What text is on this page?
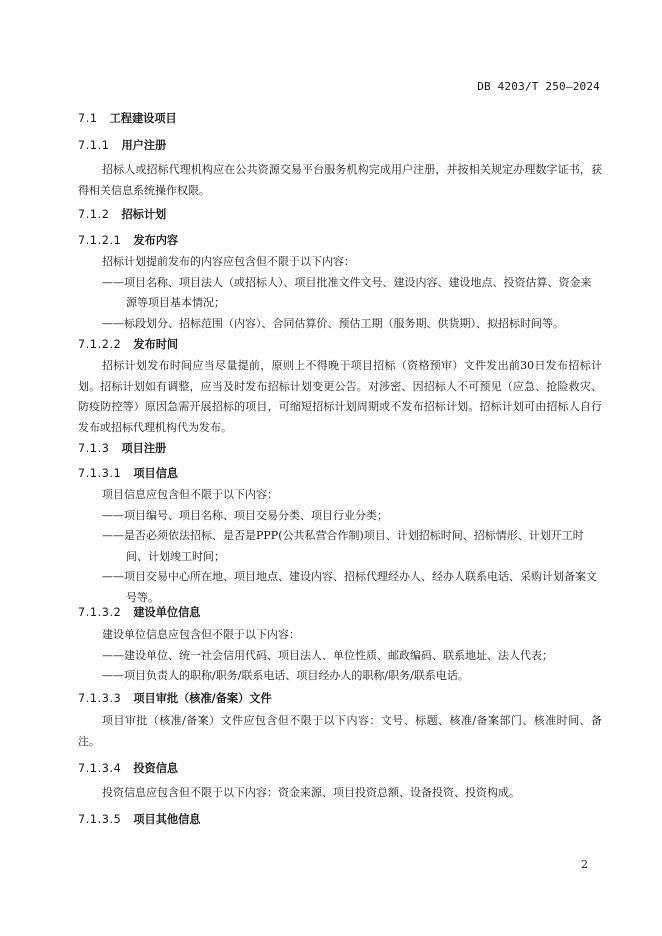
DB 4203/T 250—2024
7.1 工程建设项目
7.1.1 用户注册
招标人或招标代理机构应在公共资源交易平台服务机构完成用户注册，并按相关规定办理数字证书，获得相关信息系统操作权限。
7.1.2 招标计划
7.1.2.1 发布内容
招标计划提前发布的内容应包含但不限于以下内容：
——项目名称、项目法人（或招标人）、项目批准文件文号、建设内容、建设地点、投资估算、资金来源等项目基本情况；
——标段划分、招标范围（内容）、合同估算价、预估工期（服务期、供货期）、拟招标时间等。
7.1.2.2 发布时间
招标计划发布时间应当尽量提前，原则上不得晚于项目招标（资格预审）文件发出前30日发布招标计划。招标计划如有调整，应当及时发布招标计划变更公告。对涉密、因招标人不可预见（应急、抢险救灾、防疫防控等）原因急需开展招标的项目，可缩短招标计划周期或不发布招标计划。招标计划可由招标人自行发布或招标代理机构代为发布。
7.1.3 项目注册
7.1.3.1 项目信息
项目信息应包含但不限于以下内容：
——项目编号、项目名称、项目交易分类、项目行业分类；
——是否必须依法招标、是否是PPP(公共私营合作制)项目、计划招标时间、招标情形、计划开工时间、计划竣工时间；
——项目交易中心所在地、项目地点、建设内容、招标代理经办人、经办人联系电话、采购计划备案文号等。
7.1.3.2 建设单位信息
建设单位信息应包含但不限于以下内容：
——建设单位、统一社会信用代码、项目法人、单位性质、邮政编码、联系地址、法人代表；
——项目负责人的职称/职务/联系电话、项目经办人的职称/职务/联系电话。
7.1.3.3 项目审批（核准/备案）文件
项目审批（核准/备案）文件应包含但不限于以下内容：文号、标题、核准/备案部门、核准时间、备注。
7.1.3.4 投资信息
投资信息应包含但不限于以下内容：资金来源、项目投资总额、设备投资、投资构成。
7.1.3.5 项目其他信息
2
